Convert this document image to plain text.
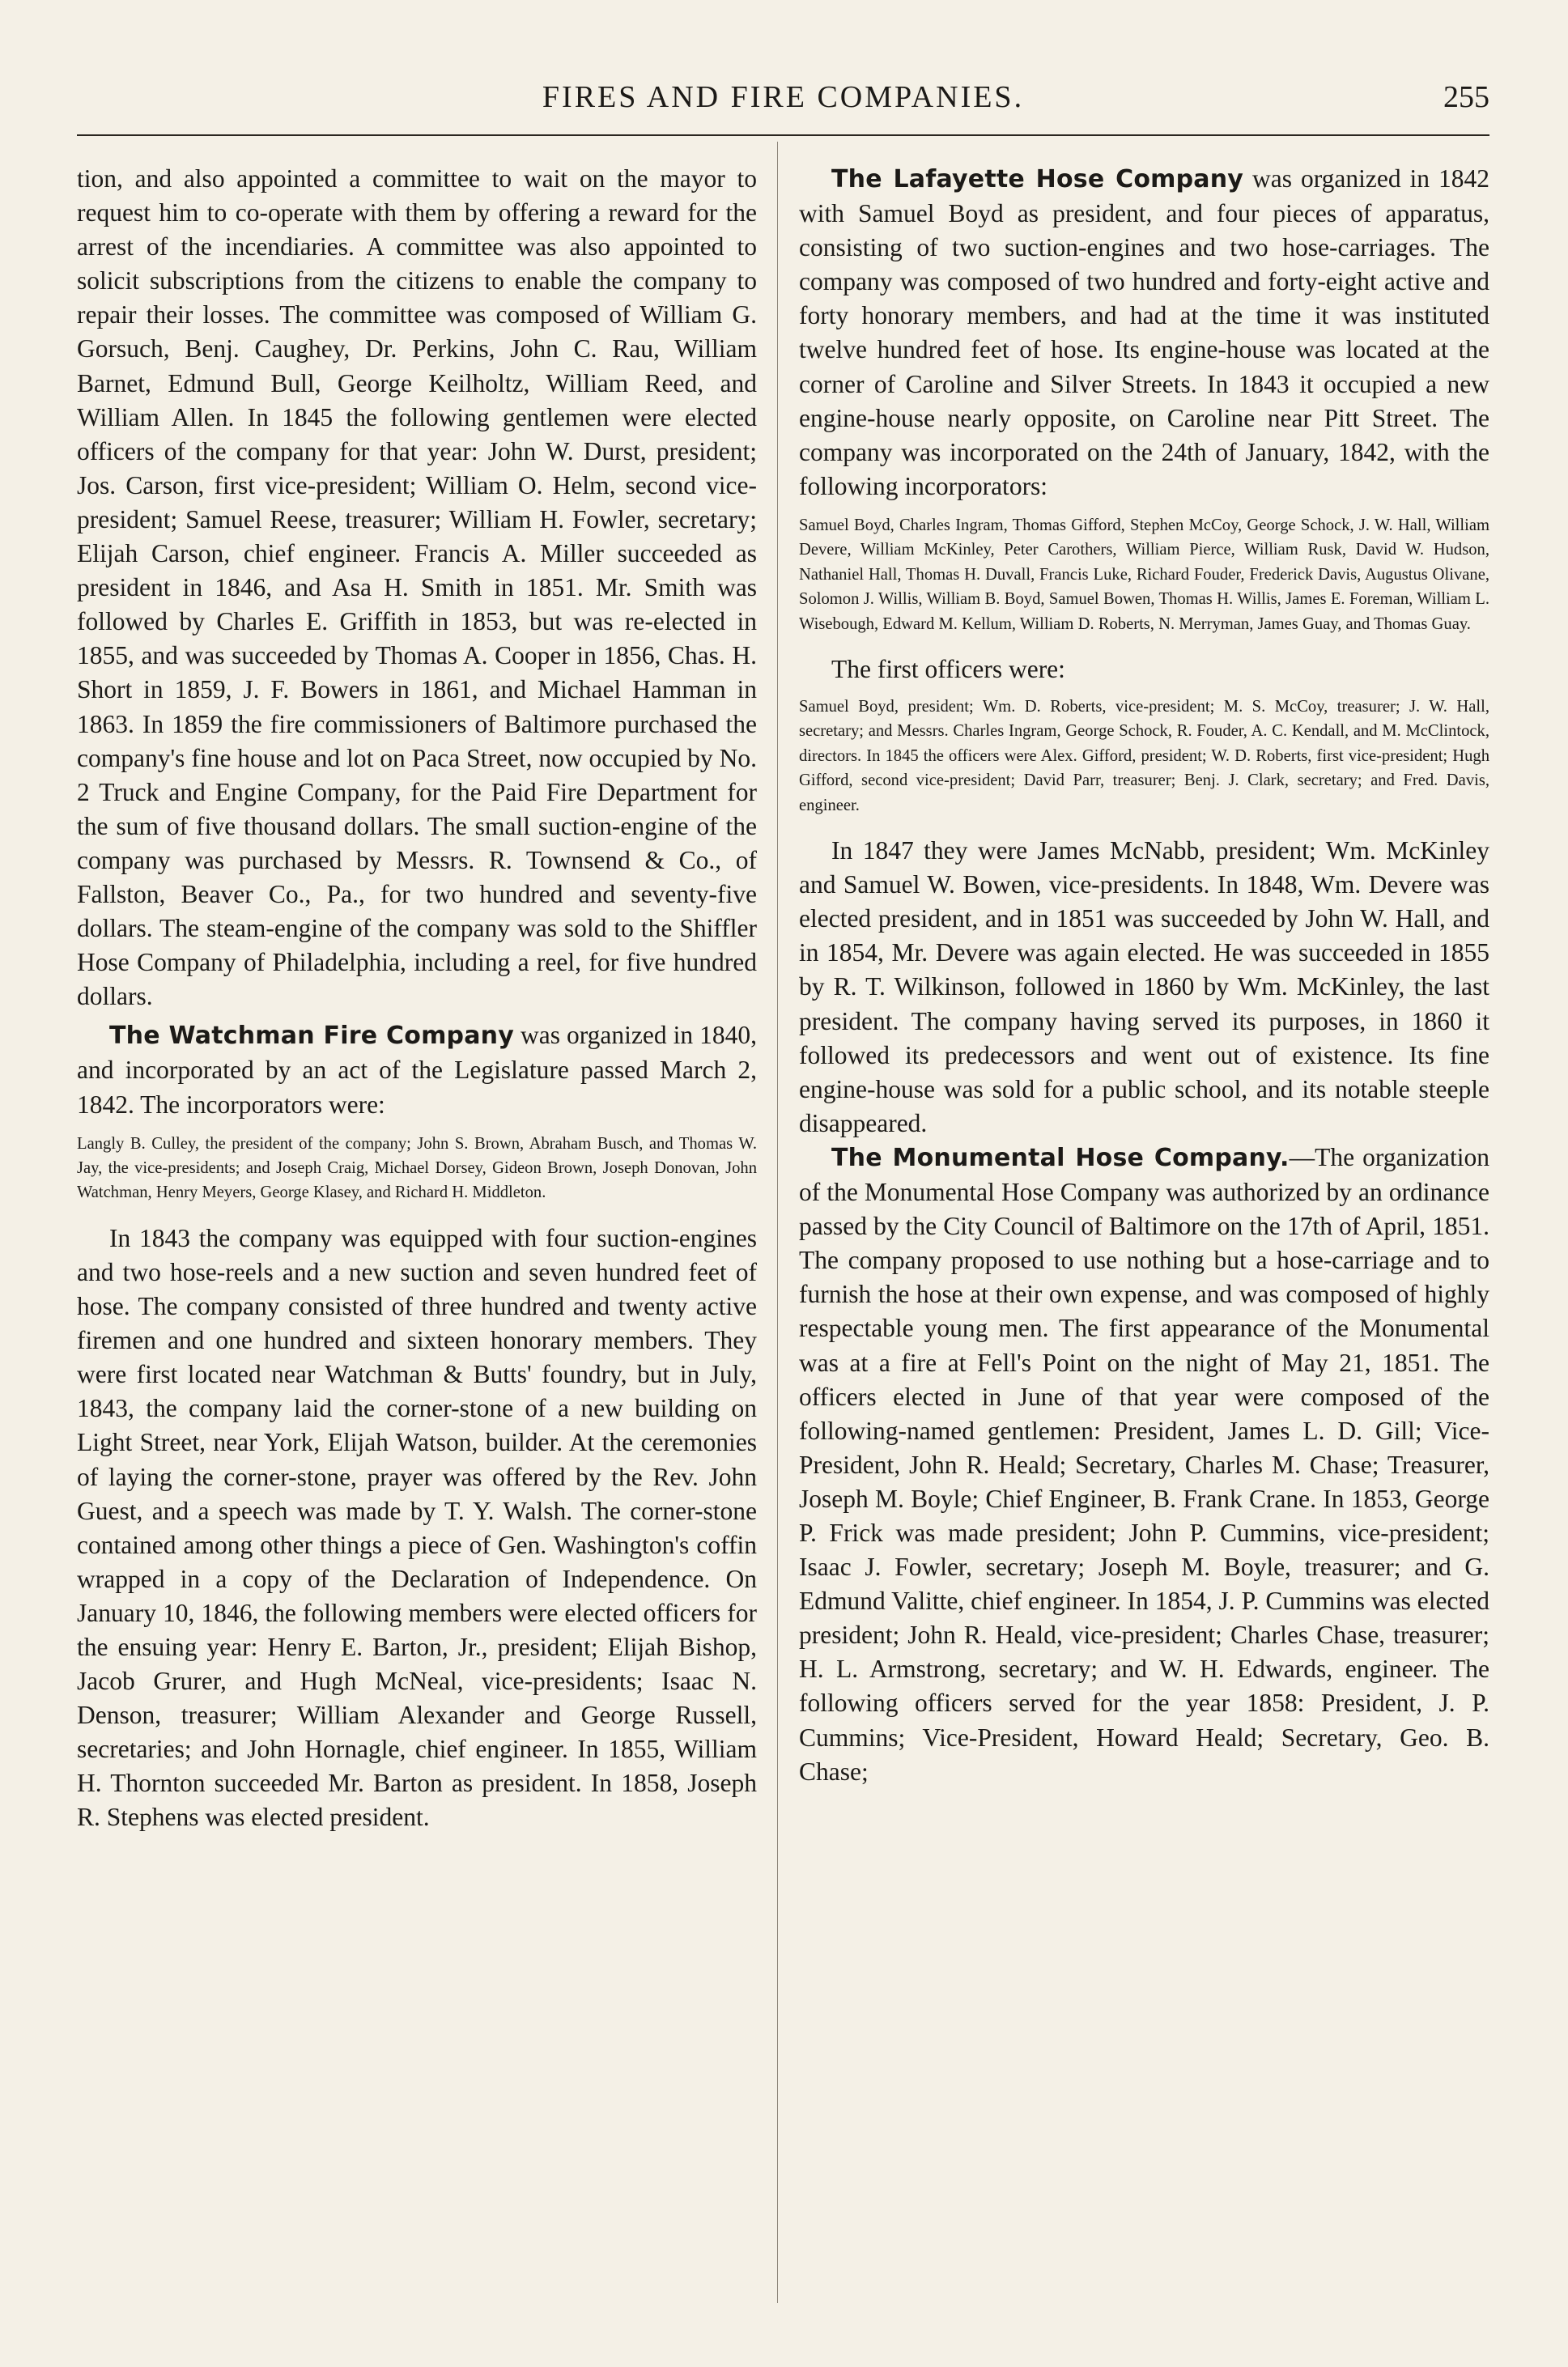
FIRES AND FIRE COMPANIES.	255

tion, and also appointed a committee to wait on the mayor to request him to co-operate with them by offering a reward for the arrest of the incendiaries. A committee was also appointed to solicit subscriptions from the citizens to enable the company to repair their losses. The committee was composed of William G. Gorsuch, Benj. Caughey, Dr. Perkins, John C. Rau, William Barnet, Edmund Bull, George Keilholtz, William Reed, and William Allen. In 1845 the following gentlemen were elected officers of the company for that year: John W. Durst, president; Jos. Carson, first vice-president; William O. Helm, second vice-president; Samuel Reese, treasurer; William H. Fowler, secretary; Elijah Carson, chief engineer. Francis A. Miller succeeded as president in 1846, and Asa H. Smith in 1851. Mr. Smith was followed by Charles E. Griffith in 1853, but was re-elected in 1855, and was succeeded by Thomas A. Cooper in 1856, Chas. H. Short in 1859, J. F. Bowers in 1861, and Michael Hamman in 1863. In 1859 the fire commissioners of Baltimore purchased the company's fine house and lot on Paca Street, now occupied by No. 2 Truck and Engine Company, for the Paid Fire Department for the sum of five thousand dollars. The small suction-engine of the company was purchased by Messrs. R. Townsend & Co., of Fallston, Beaver Co., Pa., for two hundred and seventy-five dollars. The steam-engine of the company was sold to the Shiffler Hose Company of Philadelphia, including a reel, for five hundred dollars.

The Watchman Fire Company was organized in 1840, and incorporated by an act of the Legislature passed March 2, 1842. The incorporators were:

Langly B. Culley, the president of the company; John S. Brown, Abraham Busch, and Thomas W. Jay, the vice-presidents; and Joseph Craig, Michael Dorsey, Gideon Brown, Joseph Donovan, John Watchman, Henry Meyers, George Klasey, and Richard H. Middleton.

In 1843 the company was equipped with four suction-engines and two hose-reels and a new suction and seven hundred feet of hose. The company consisted of three hundred and twenty active firemen and one hundred and sixteen honorary members. They were first located near Watchman & Butts' foundry, but in July, 1843, the company laid the corner-stone of a new building on Light Street, near York, Elijah Watson, builder. At the ceremonies of laying the corner-stone, prayer was offered by the Rev. John Guest, and a speech was made by T. Y. Walsh. The corner-stone contained among other things a piece of Gen. Washington's coffin wrapped in a copy of the Declaration of Independence. On January 10, 1846, the following members were elected officers for the ensuing year: Henry E. Barton, Jr., president; Elijah Bishop, Jacob Grurer, and Hugh McNeal, vice-presidents; Isaac N. Denson, treasurer; William Alexander and George Russell, secretaries; and John Hornagle, chief engineer. In 1855, William H. Thornton succeeded Mr. Barton as president. In 1858, Joseph R. Stephens was elected president.

The Lafayette Hose Company was organized in 1842 with Samuel Boyd as president, and four pieces of apparatus, consisting of two suction-engines and two hose-carriages. The company was composed of two hundred and forty-eight active and forty honorary members, and had at the time it was instituted twelve hundred feet of hose. Its engine-house was located at the corner of Caroline and Silver Streets. In 1843 it occupied a new engine-house nearly opposite, on Caroline near Pitt Street. The company was incorporated on the 24th of January, 1842, with the following incorporators:

Samuel Boyd, Charles Ingram, Thomas Gifford, Stephen McCoy, George Schock, J. W. Hall, William Devere, William McKinley, Peter Carothers, William Pierce, William Rusk, David W. Hudson, Nathaniel Hall, Thomas H. Duvall, Francis Luke, Richard Fouder, Frederick Davis, Augustus Olivane, Solomon J. Willis, William B. Boyd, Samuel Bowen, Thomas H. Willis, James E. Foreman, William L. Wisebough, Edward M. Kellum, William D. Roberts, N. Merryman, James Guay, and Thomas Guay.

The first officers were:

Samuel Boyd, president; Wm. D. Roberts, vice-president; M. S. McCoy, treasurer; J. W. Hall, secretary; and Messrs. Charles Ingram, George Schock, R. Fouder, A. C. Kendall, and M. McClintock, directors. In 1845 the officers were Alex. Gifford, president; W. D. Roberts, first vice-president; Hugh Gifford, second vice-president; David Parr, treasurer; Benj. J. Clark, secretary; and Fred. Davis, engineer.

In 1847 they were James McNabb, president; Wm. McKinley and Samuel W. Bowen, vice-presidents. In 1848, Wm. Devere was elected president, and in 1851 was succeeded by John W. Hall, and in 1854, Mr. Devere was again elected. He was succeeded in 1855 by R. T. Wilkinson, followed in 1860 by Wm. McKinley, the last president. The company having served its purposes, in 1860 it followed its predecessors and went out of existence. Its fine engine-house was sold for a public school, and its notable steeple disappeared.

The Monumental Hose Company.—The organization of the Monumental Hose Company was authorized by an ordinance passed by the City Council of Baltimore on the 17th of April, 1851. The company proposed to use nothing but a hose-carriage and to furnish the hose at their own expense, and was composed of highly respectable young men. The first appearance of the Monumental was at a fire at Fell's Point on the night of May 21, 1851. The officers elected in June of that year were composed of the following-named gentlemen: President, James L. D. Gill; Vice-President, John R. Heald; Secretary, Charles M. Chase; Treasurer, Joseph M. Boyle; Chief Engineer, B. Frank Crane. In 1853, George P. Frick was made president; John P. Cummins, vice-president; Isaac J. Fowler, secretary; Joseph M. Boyle, treasurer; and G. Edmund Valitte, chief engineer. In 1854, J. P. Cummins was elected president; John R. Heald, vice-president; Charles Chase, treasurer; H. L. Armstrong, secretary; and W. H. Edwards, engineer. The following officers served for the year 1858: President, J. P. Cummins; Vice-President, Howard Heald; Secretary, Geo. B. Chase;
